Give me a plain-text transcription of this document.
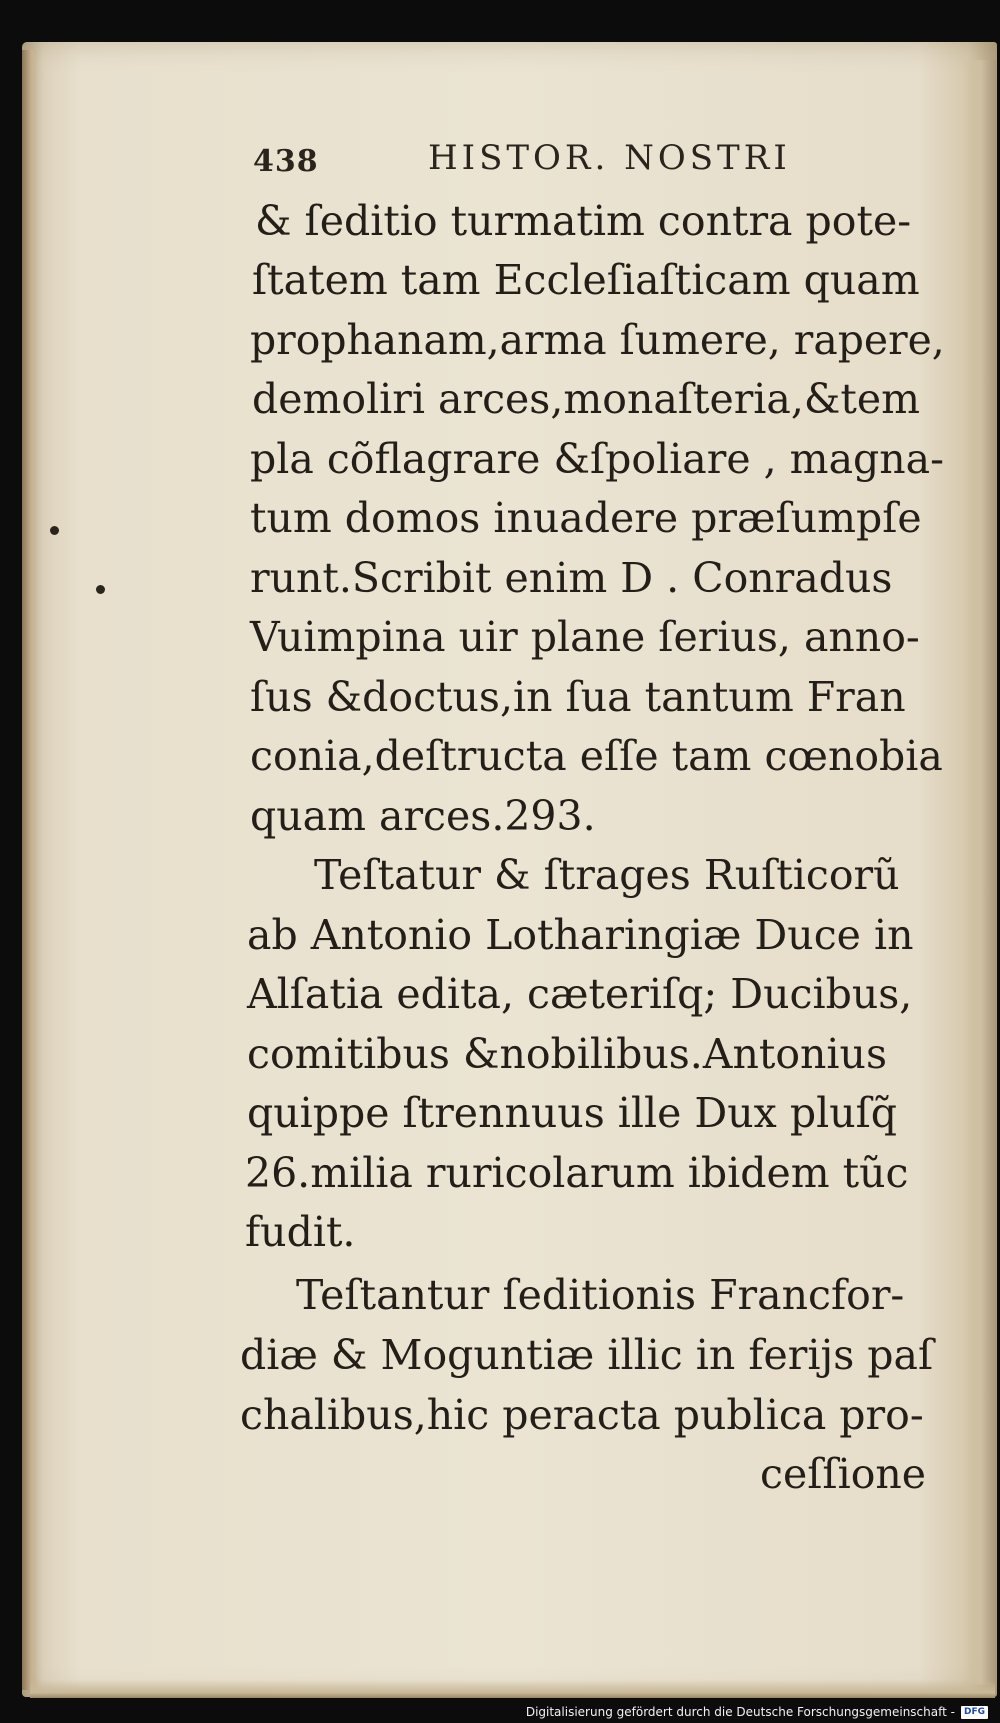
438	HISTOR. NOSTRI
& ſeditio turmatim contra pote-
ſtatem tam Eccleſiaſticam quam
prophanam,arma ſumere, rapere,
demoliri arces,monaſteria,&tem
pla cõflagrare &ſpoliare , magna-
tum domos inuadere præſumpſe
runt.Scribit enim D . Conradus
Vuimpina uir plane ſerius, anno-
ſus &doctus,in ſua tantum Fran
conia,deſtructa eſſe tam cœnobia
quam arces.293.
Teſtatur & ſtrages Ruſticorũ
ab Antonio Lotharingiæ Duce in
Alſatia edita, cæteriſq; Ducibus,
comitibus &nobilibus.Antonius
quippe ſtrennuus ille Dux pluſq̃
26.milia ruricolarum ibidem tũc
fudit.
Teſtantur ſeditionis Francfor-
diæ & Moguntiæ illic in ferijs paſ
chalibus,hic peracta publica pro-
ceſſione
Digitalisierung gefördert durch die Deutsche Forschungsgemeinschaft -	DFG
